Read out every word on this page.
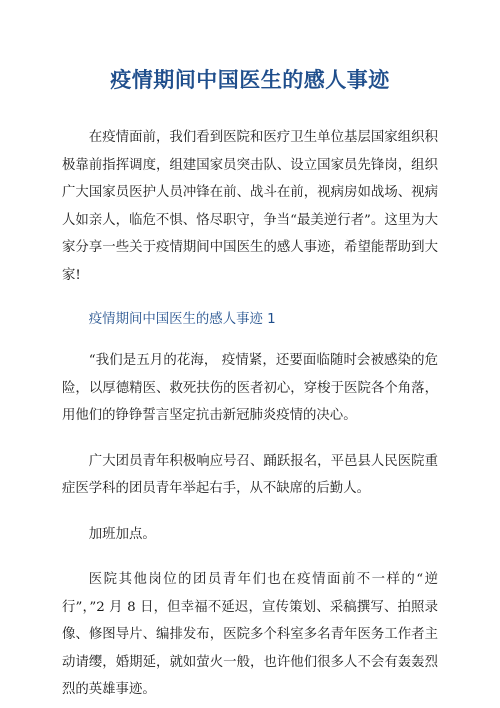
疫情期间中国医生的感人事迹

在疫情面前，我们看到医院和医疗卫生单位基层国家组织积极靠前指挥调度，组建国家员突击队、设立国家员先锋岗，组织广大国家员医护人员冲锋在前、战斗在前，视病房如战场、视病人如亲人，临危不惧、恪尽职守，争当“最美逆行者”。这里为大家分享一些关于疫情期间中国医生的感人事迹，希望能帮助到大家!

疫情期间中国医生的感人事迹 1

“我们是五月的花海， 疫情紧，还要面临随时会被感染的危险，以厚德精医、救死扶伤的医者初心，穿梭于医院各个角落，用他们的铮铮誓言坚定抗击新冠肺炎疫情的决心。

广大团员青年积极响应号召、踊跃报名，平邑县人民医院重症医学科的团员青年举起右手，从不缺席的后勤人。

加班加点。

医院其他岗位的团员青年们也在疫情面前不一样的“逆行”，”2 月 8 日，但幸福不延迟，宣传策划、采稿撰写、拍照录像、修图导片、编排发布，医院多个科室多名青年医务工作者主动请缨，婚期延，就如萤火一般，也许他们很多人不会有轰轰烈烈的英雄事迹。
